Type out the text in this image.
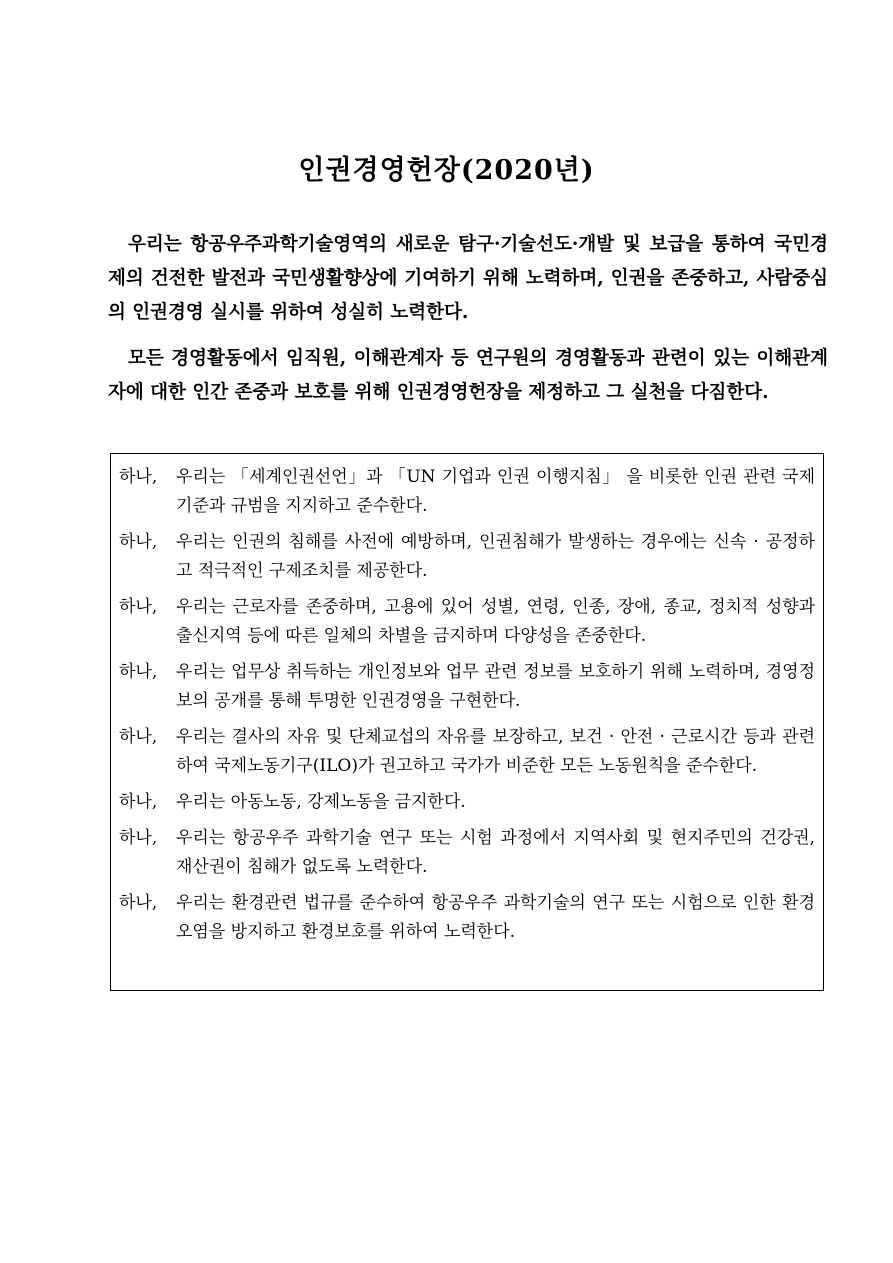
인권경영헌장(2020년)

우리는 항공우주과학기술영역의 새로운 탐구·기술선도·개발 및 보급을 통하여 국민경제의 건전한 발전과 국민생활향상에 기여하기 위해 노력하며, 인권을 존중하고, 사람중심의 인권경영 실시를 위하여 성실히 노력한다.

모든 경영활동에서 임직원, 이해관계자 등 연구원의 경영활동과 관련이 있는 이해관계자에 대한 인간 존중과 보호를 위해 인권경영헌장을 제정하고 그 실천을 다짐한다.

하나,	우리는 「세계인권선언」과 「UN 기업과 인권 이행지침」 을 비롯한 인권 관련 국제 기준과 규범을 지지하고 준수한다.
하나,	우리는 인권의 침해를 사전에 예방하며, 인권침해가 발생하는 경우에는 신속 · 공정하고 적극적인 구제조치를 제공한다.
하나,	우리는 근로자를 존중하며, 고용에 있어 성별, 연령, 인종, 장애, 종교, 정치적 성향과 출신지역 등에 따른 일체의 차별을 금지하며 다양성을 존중한다.
하나,	우리는 업무상 취득하는 개인정보와 업무 관련 정보를 보호하기 위해 노력하며, 경영정보의 공개를 통해 투명한 인권경영을 구현한다.
하나,	우리는 결사의 자유 및 단체교섭의 자유를 보장하고, 보건 · 안전 · 근로시간 등과 관련하여 국제노동기구(ILO)가 권고하고 국가가 비준한 모든 노동원칙을 준수한다.
하나,	우리는 아동노동, 강제노동을 금지한다.
하나,	우리는 항공우주 과학기술 연구 또는 시험 과정에서 지역사회 및 현지주민의 건강권, 재산권이 침해가 없도록 노력한다.
하나,	우리는 환경관련 법규를 준수하여 항공우주 과학기술의 연구 또는 시험으로 인한 환경오염을 방지하고 환경보호를 위하여 노력한다.
